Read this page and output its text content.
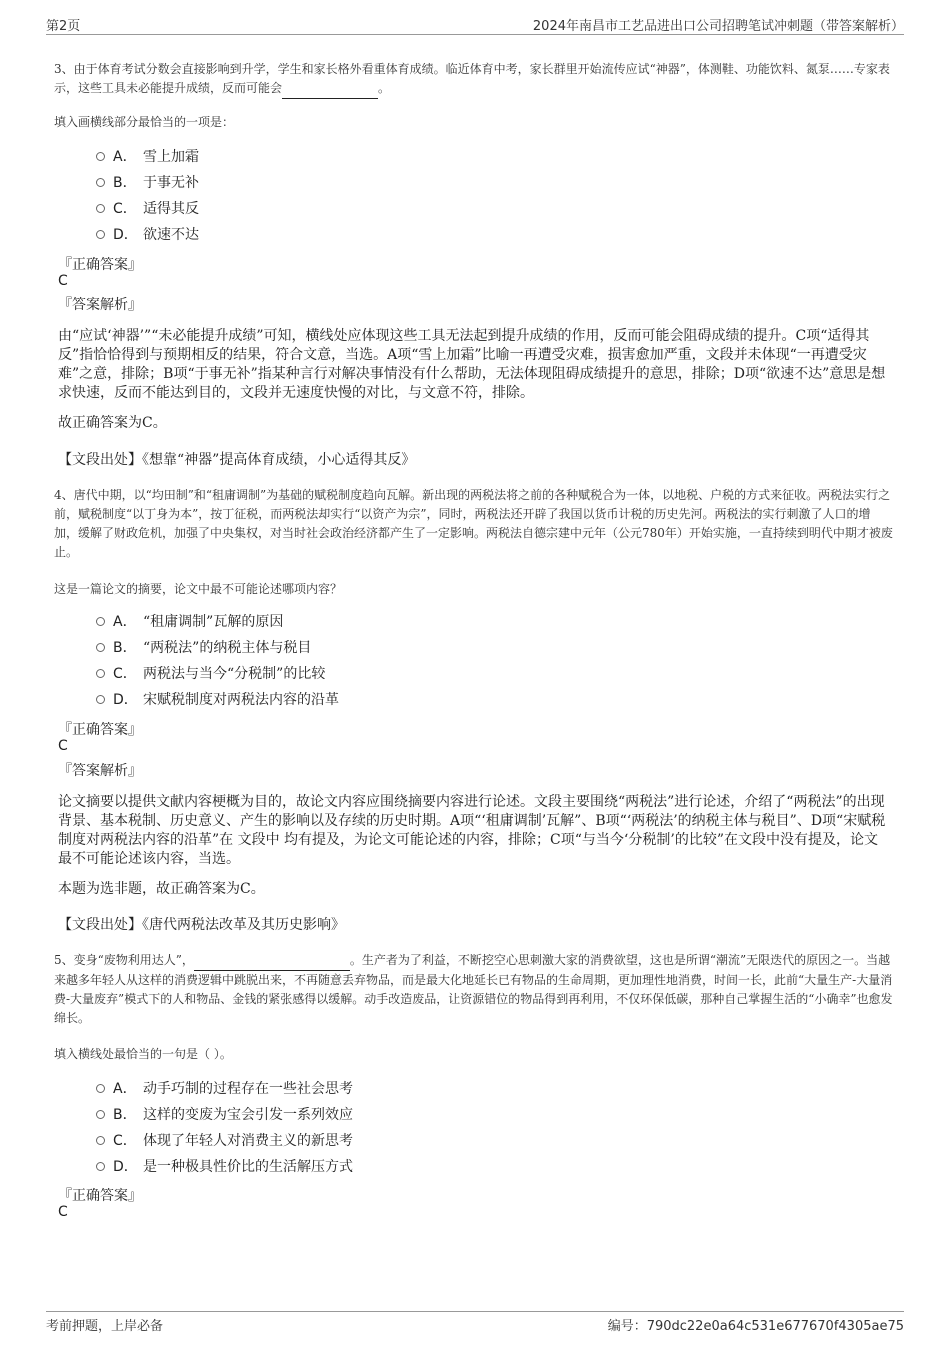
第2页	2024年南昌市工艺品进出口公司招聘笔试冲刺题（带答案解析）
3、由于体育考试分数会直接影响到升学，学生和家长格外看重体育成绩。临近体育中考，家长群里开始流传应试“神器”，体测鞋、功能饮料、氮泵……专家表示，这些工具未必能提升成绩，反而可能会	。
填入画横线部分最恰当的一项是：
A． 雪上加霜
B． 于事无补
C． 适得其反
D． 欲速不达
『正确答案』
C
『答案解析』
由“应试‘神器’”“未必能提升成绩”可知，横线处应体现这些工具无法起到提升成绩的作用，反而可能会阻碍成绩的提升。C项“适得其反”指恰恰得到与预期相反的结果，符合文意，当选。A项“雪上加霜”比喻一再遭受灾难，损害愈加严重，文段并未体现“一再遭受灾难”之意，排除；B项“于事无补”指某种言行对解决事情没有什么帮助，无法体现阻碍成绩提升的意思，排除；D项“欲速不达”意思是想求快速，反而不能达到目的，文段并无速度快慢的对比，与文意不符，排除。
故正确答案为C。
【文段出处】《想靠“神器”提高体育成绩，小心适得其反》
4、唐代中期，以“均田制”和“租庸调制”为基础的赋税制度趋向瓦解。新出现的两税法将之前的各种赋税合为一体，以地税、户税的方式来征收。两税法实行之前，赋税制度“以丁身为本”，按丁征税，而两税法却实行“以资产为宗”，同时，两税法还开辟了我国以货币计税的历史先河。两税法的实行刺激了人口的增加，缓解了财政危机，加强了中央集权，对当时社会政治经济都产生了一定影响。两税法自德宗建中元年（公元780年）开始实施，一直持续到明代中期才被废止。
这是一篇论文的摘要，论文中最不可能论述哪项内容？
A． “租庸调制”瓦解的原因
B． “两税法”的纳税主体与税目
C． 两税法与当今“分税制”的比较
D． 宋赋税制度对两税法内容的沿革
『正确答案』
C
『答案解析』
论文摘要以提供文献内容梗概为目的，故论文内容应围绕摘要内容进行论述。文段主要围绕“两税法”进行论述，介绍了“两税法”的出现背景、基本税制、历史意义、产生的影响以及存续的历史时期。A项“‘租庸调制’瓦解”、B项“‘两税法’的纳税主体与税目”、D项“宋赋税制度对两税法内容的沿革”在 文段中 均有提及，为论文可能论述的内容，排除；C项“与当今‘分税制’的比较”在文段中没有提及，论文最不可能论述该内容，当选。
本题为选非题，故正确答案为C。
【文段出处】《唐代两税法改革及其历史影响》
5、变身“废物利用达人”，	。生产者为了利益，不断挖空心思刺激大家的消费欲望，这也是所谓“潮流”无限迭代的原因之一。当越来越多年轻人从这样的消费逻辑中跳脱出来，不再随意丢弃物品，而是最大化地延长已有物品的生命周期，更加理性地消费，时间一长，此前“大量生产-大量消费-大量废弃”模式下的人和物品、金钱的紧张感得以缓解。动手改造废品，让资源错位的物品得到再利用，不仅环保低碳，那种自己掌握生活的“小确幸”也愈发绵长。
填入横线处最恰当的一句是（ ）。
A． 动手巧制的过程存在一些社会思考
B． 这样的变废为宝会引发一系列效应
C． 体现了年轻人对消费主义的新思考
D． 是一种极具性价比的生活解压方式
『正确答案』
C
考前押题，上岸必备	编号：790dc22e0a64c531e677670f4305ae75
